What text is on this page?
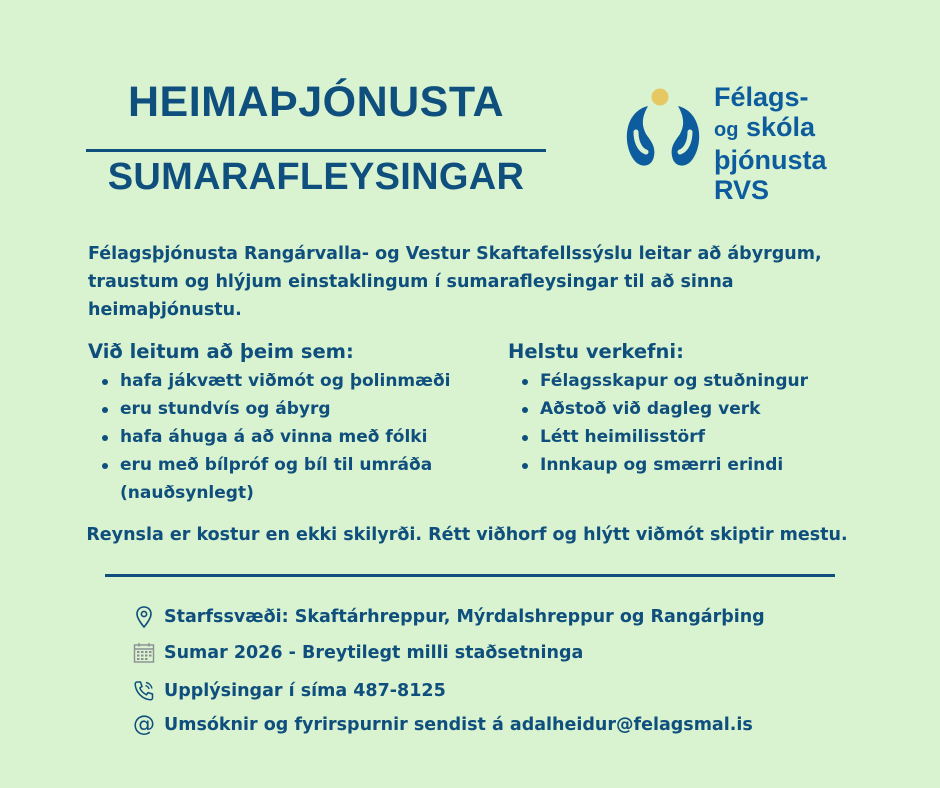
HEIMAÞJÓNUSTA
SUMARAFLEYSINGAR
Félags-
og skóla
þjónusta
RVS
Félagsþjónusta Rangárvalla- og Vestur Skaftafellssýslu leitar að ábyrgum, traustum og hlýjum einstaklingum í sumarafleysingar til að sinna heimaþjónustu.
Við leitum að þeim sem:
hafa jákvætt viðmót og þolinmæði
eru stundvís og ábyrg
hafa áhuga á að vinna með fólki
eru með bílpróf og bíl til umráða (nauðsynlegt)
Helstu verkefni:
Félagsskapur og stuðningur
Aðstoð við dagleg verk
Létt heimilisstörf
Innkaup og smærri erindi
Reynsla er kostur en ekki skilyrði. Rétt viðhorf og hlýtt viðmót skiptir mestu.
Starfssvæði: Skaftárhreppur, Mýrdalshreppur og Rangárþing
Sumar 2026 - Breytilegt milli staðsetninga
Upplýsingar í síma 487-8125
@ Umsóknir og fyrirspurnir sendist á adalheidur@felagsmal.is
